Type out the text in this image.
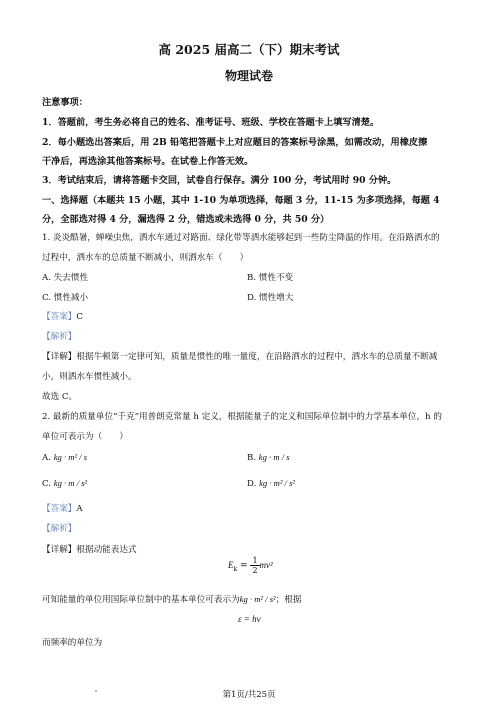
高 2025 届高二（下）期末考试
物理试卷
注意事项：
1．答题前，考生务必将自己的姓名、准考证号、班级、学校在答题卡上填写清楚。
2．每小题选出答案后，用 2B 铅笔把答题卡上对应题目的答案标号涂黑，如需改动，用橡皮擦
干净后，再选涂其他答案标号。在试卷上作答无效。
3．考试结束后，请将答题卡交回，试卷自行保存。满分 100 分，考试用时 90 分钟。
一、选择题（本题共 15 小题，其中 1-10 为单项选择，每题 3 分，11-15 为多项选择，每题 4
分，全部选对得 4 分，漏选得 2 分，错选或未选得 0 分，共 50 分）
1. 炎炎酷暑，蝉噪虫焦，洒水车通过对路面、绿化带等洒水能够起到一些防尘降温的作用。在沿路洒水的
过程中，洒水车的总质量不断减小，则洒水车（　　）
A. 失去惯性	B. 惯性不变
C. 惯性减小	D. 惯性增大
【答案】C
【解析】
【详解】根据牛顿第一定律可知，质量是惯性的唯一量度，在沿路洒水的过程中，洒水车的总质量不断减
小，则洒水车惯性减小。
故选 C。
2. 最新的质量单位“千克”用普朗克常量 h 定义，根据能量子的定义和国际单位制中的力学基本单位，h 的
单位可表示为（　　）
A. kg · m² / s	B. kg · m / s
C. kg · m / s²	D. kg · m² / s²
【答案】A
【解析】
【详解】根据动能表达式
$E_k = \frac{1}{2} mv^2$
可知能量的单位用国际单位制中的基本单位可表示为kg · m² / s²；根据
ε = hν
而频率的单位为
第1页/共25页
